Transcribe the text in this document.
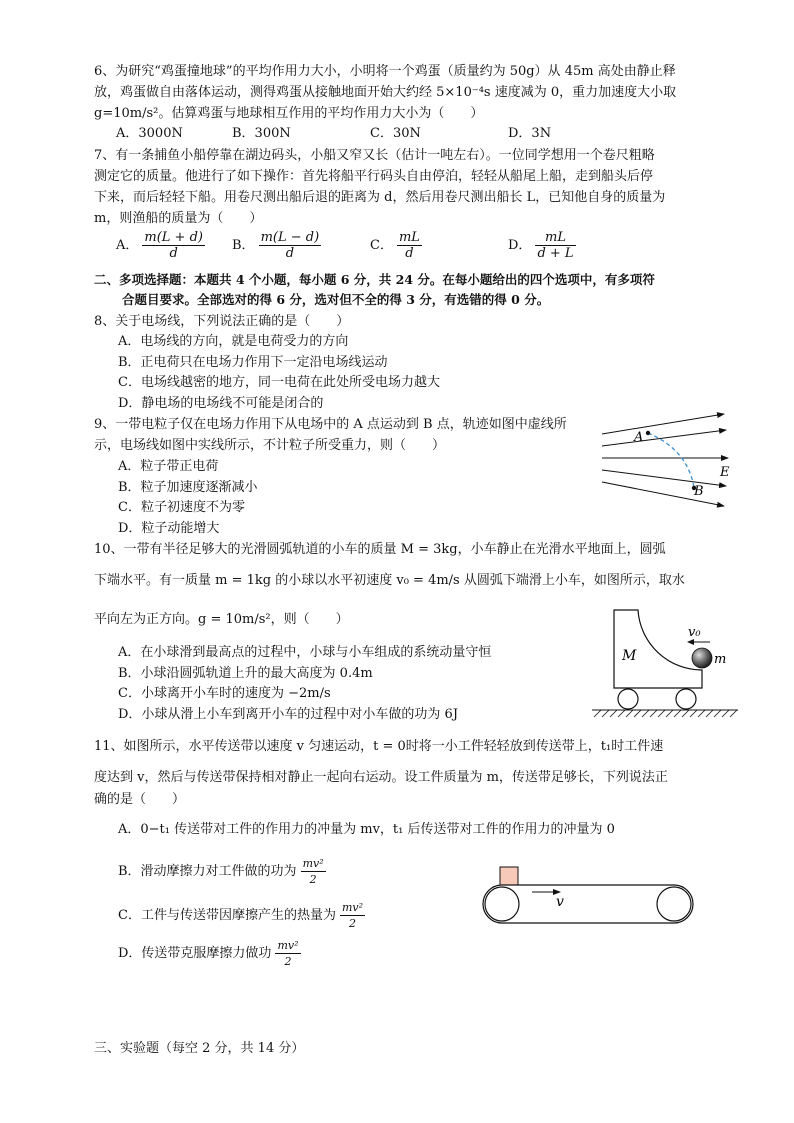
6、为研究“鸡蛋撞地球”的平均作用力大小，小明将一个鸡蛋（质量约为 50g）从 45m 高处由静止释
放，鸡蛋做自由落体运动，测得鸡蛋从接触地面开始大约经 5×10⁻⁴s 速度减为 0，重力加速度大小取
g=10m/s²。估算鸡蛋与地球相互作用的平均作用力大小为（　　）
A．3000N	B．300N	C．30N	D．3N
7、有一条捕鱼小船停靠在湖边码头，小船又窄又长（估计一吨左右）。一位同学想用一个卷尺粗略
测定它的质量。他进行了如下操作：首先将船平行码头自由停泊，轻轻从船尾上船，走到船头后停
下来，而后轻轻下船。用卷尺测出船后退的距离为 d，然后用卷尺测出船长 L，已知他自身的质量为
m，则渔船的质量为（　　）
A． $\frac{m(L + d)}{d}$ B． $\frac{m(L - d)}{d}$	C． $\frac{mL}{d}$	D． $\frac{mL}{d + L}$
二、多项选择题：本题共 4 个小题，每小题 6 分，共 24 分。在每小题给出的四个选项中，有多项符
合题目要求。全部选对的得 6 分，选对但不全的得 3 分，有选错的得 0 分。
8、关于电场线，下列说法正确的是（　　）
A．电场线的方向，就是电荷受力的方向
B．正电荷只在电场力作用下一定沿电场线运动
C．电场线越密的地方，同一电荷在此处所受电场力越大
D．静电场的电场线不可能是闭合的
9、一带电粒子仅在电场力作用下从电场中的 A 点运动到 B 点，轨迹如图中虚线所
示，电场线如图中实线所示，不计粒子所受重力，则（　　）
A．粒子带正电荷
B．粒子加速度逐渐减小
C．粒子初速度不为零
D．粒子动能增大
A
B
E
10、一带有半径足够大的光滑圆弧轨道的小车的质量 M = 3kg，小车静止在光滑水平地面上，圆弧
下端水平。有一质量 m = 1kg 的小球以水平初速度 v₀ = 4m/s 从圆弧下端滑上小车，如图所示，取水
平向左为正方向。g = 10m/s²，则（　　）
A．在小球滑到最高点的过程中，小球与小车组成的系统动量守恒
B．小球沿圆弧轨道上升的最大高度为 0.4m
C．小球离开小车时的速度为 −2m/s
D．小球从滑上小车到离开小车的过程中对小车做的功为 6J
v₀
M	m
11、如图所示，水平传送带以速度 v 匀速运动，t = 0时将一小工件轻轻放到传送带上，t₁时工件速
度达到 v，然后与传送带保持相对静止一起向右运动。设工件质量为 m，传送带足够长，下列说法正
确的是（　　）
A．0−t₁ 传送带对工件的作用力的冲量为 mv，t₁ 后传送带对工件的作用力的冲量为 0
B．滑动摩擦力对工件做的功为 $\frac{\text{mv²}}{2}$
C．工件与传送带因摩擦产生的热量为 $\frac{\text{mv²}}{2}$
D．传送带克服摩擦力做功 $\frac{\text{mv²}}{2}$
v
三、实验题（每空 2 分，共 14 分）
